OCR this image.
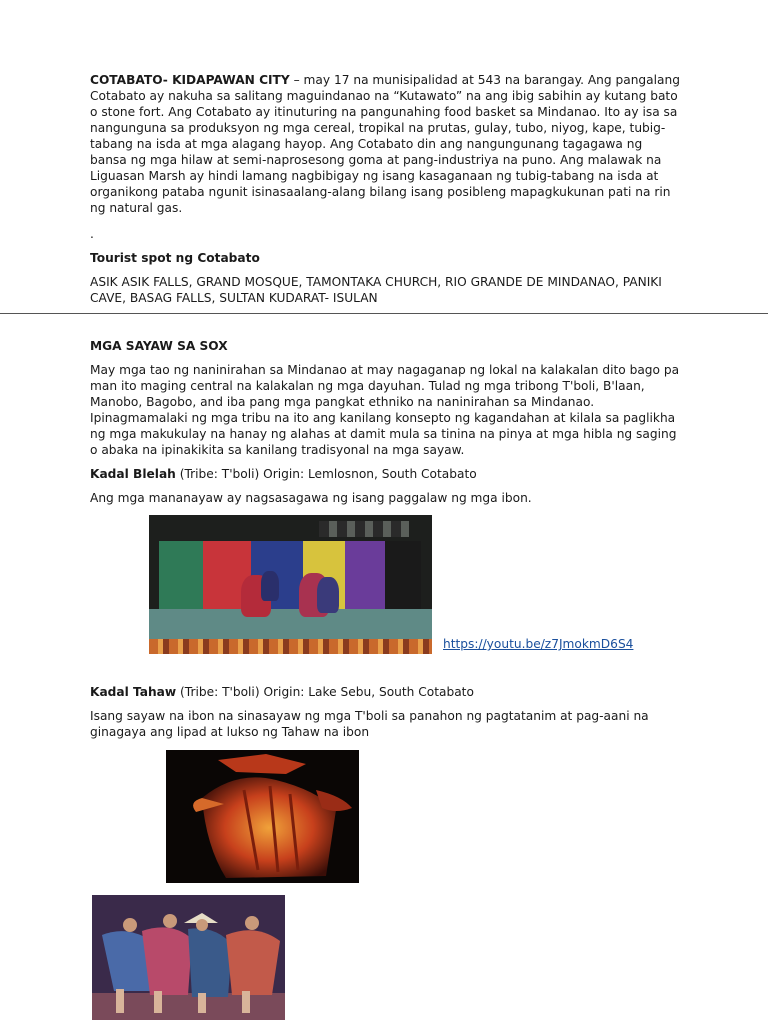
COTABATO- KIDAPAWAN CITY – may 17 na munisipalidad at 543 na barangay. Ang pangalang Cotabato ay nakuha sa salitang maguindanao na “Kutawato” na ang ibig sabihin ay kutang bato o stone fort. Ang Cotabato ay itinuturing na pangunahing food basket sa Mindanao. Ito ay isa sa nangunguna sa produksyon ng mga cereal, tropikal na prutas, gulay, tubo, niyog, kape, tubig-tabang na isda at mga alagang hayop. Ang Cotabato din ang nangungunang tagagawa ng bansa ng mga hilaw at semi-naprosesong goma at pang-industriya na puno. Ang malawak na Liguasan Marsh ay hindi lamang nagbibigay ng isang kasaganaan ng tubig-tabang na isda at organikong pataba ngunit isinasaalang-alang bilang isang posibleng mapagkukunan pati na rin ng natural gas.

.

Tourist spot ng Cotabato

ASIK ASIK FALLS, GRAND MOSQUE, TAMONTAKA CHURCH, RIO GRANDE DE MINDANAO, PANIKI CAVE, BASAG FALLS, SULTAN KUDARAT- ISULAN

MGA SAYAW SA SOX

May mga tao ng naninirahan sa Mindanao at may nagaganap ng lokal na kalakalan dito bago pa man ito maging central na kalakalan ng mga dayuhan. Tulad ng mga tribong T'boli, B'laan, Manobo, Bagobo, and iba pang mga pangkat ethniko na naninirahan sa Mindanao. Ipinagmamalaki ng mga tribu na ito ang kanilang konsepto ng kagandahan at kilala sa paglikha ng mga makukulay na hanay ng alahas at damit mula sa tinina na pinya at mga hibla ng saging o abaka na ipinakikita sa kanilang tradisyonal na mga sayaw.

Kadal Blelah (Tribe: T'boli) Origin: Lemlosnon, South Cotabato

Ang mga mananayaw ay nagsasagawa ng isang paggalaw ng mga ibon.

https://youtu.be/z7JmokmD6S4

Kadal Tahaw (Tribe: T'boli) Origin: Lake Sebu, South Cotabato

Isang sayaw na ibon na sinasayaw ng mga T'boli sa panahon ng pagtatanim at pag-aani na ginagaya ang lipad at lukso ng Tahaw na ibon
